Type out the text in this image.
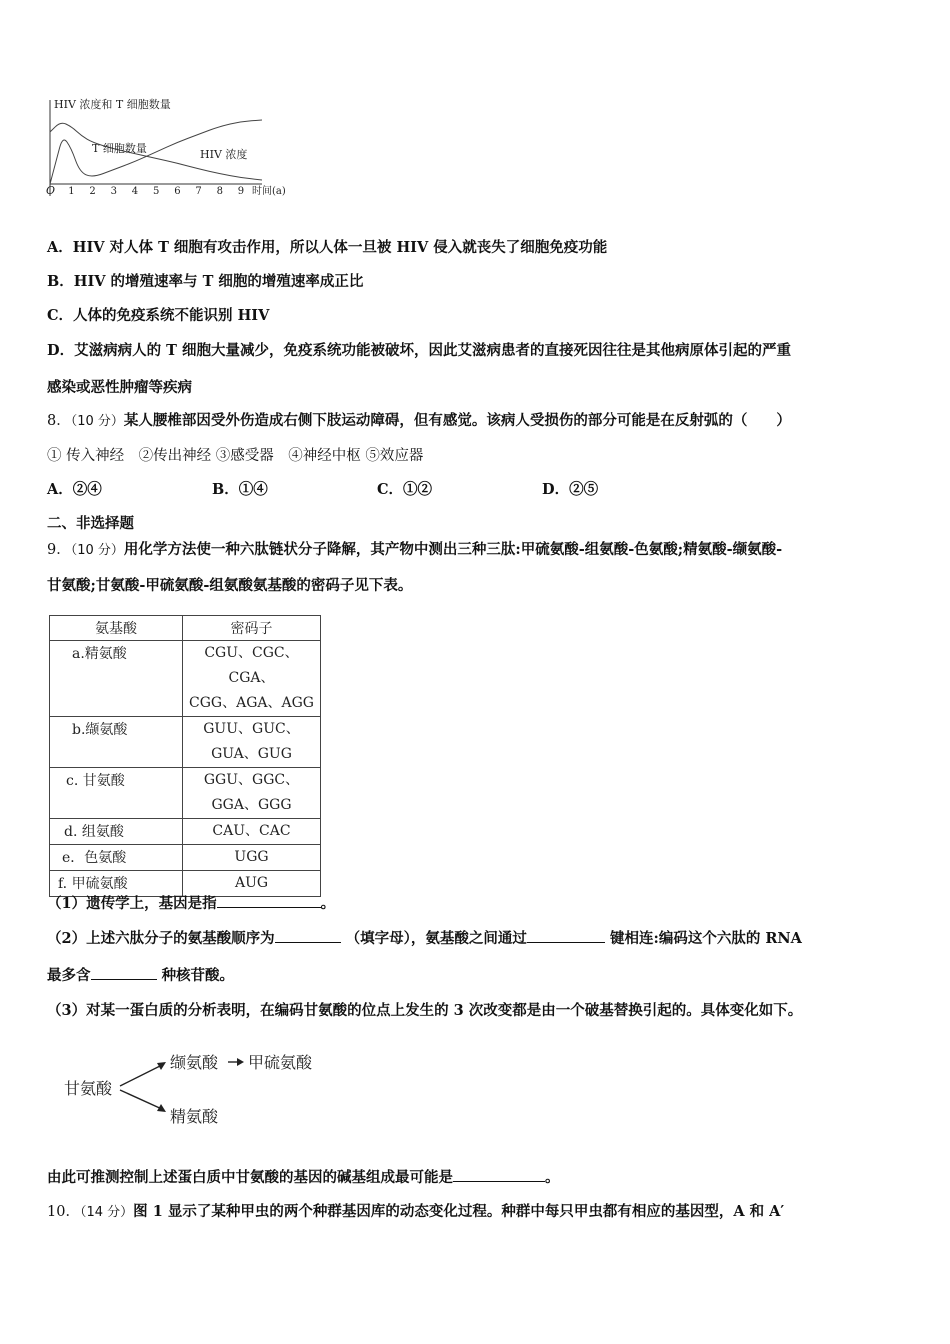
HIV 浓度和 T 细胞数量
O 1 2 3 4 5 6 7 8 9 时间(a)
T 细胞数量	HIV 浓度
A．HIV 对人体 T 细胞有攻击作用，所以人体一旦被 HIV 侵入就丧失了细胞免疫功能
B．HIV 的增殖速率与 T 细胞的增殖速率成正比
C．人体的免疫系统不能识别 HIV
D．艾滋病病人的 T 细胞大量减少，免疫系统功能被破坏，因此艾滋病患者的直接死因往往是其他病原体引起的严重
感染或恶性肿瘤等疾病
8．（10 分）某人腰椎部因受外伤造成右侧下肢运动障碍，但有感觉。该病人受损伤的部分可能是在反射弧的（　　）
① 传入神经　②传出神经 ③感受器　④神经中枢 ⑤效应器
A．②④	B．①④	C．①②	D．②⑤
二、非选择题
9．（10 分）用化学方法使一种六肽链状分子降解，其产物中测出三种三肽:甲硫氨酸-组氨酸-色氨酸;精氨酸-缬氨酸-
甘氨酸;甘氨酸-甲硫氨酸-组氨酸氨基酸的密码子见下表。
氨基酸	密码子
a.精氨酸	CGU、CGC、CGA、
CGG、AGA、AGG

b.缬氨酸	GUU、GUC、
GUA、GUG

c. 甘氨酸	GGU、GGC、
GGA、GGG

d. 组氨酸	CAU、CAC
e．色氨酸	UGG
f. 甲硫氨酸	AUG
（1）遗传学上，基因是指	。
（2）上述六肽分子的氨基酸顺序为	（填字母），氨基酸之间通过	键相连:编码这个六肽的 RNA
最多含	种核苷酸。
（3）对某一蛋白质的分析表明，在编码甘氨酸的位点上发生的 3 次改变都是由一个破基替换引起的。具体变化如下。
甘氨酸
缬氨酸 甲硫氨酸
精氨酸
由此可推测控制上述蛋白质中甘氨酸的基因的碱基组成最可能是	。
10．（14 分）图 1 显示了某种甲虫的两个种群基因库的动态变化过程。种群中每只甲虫都有相应的基因型，A 和 A′
